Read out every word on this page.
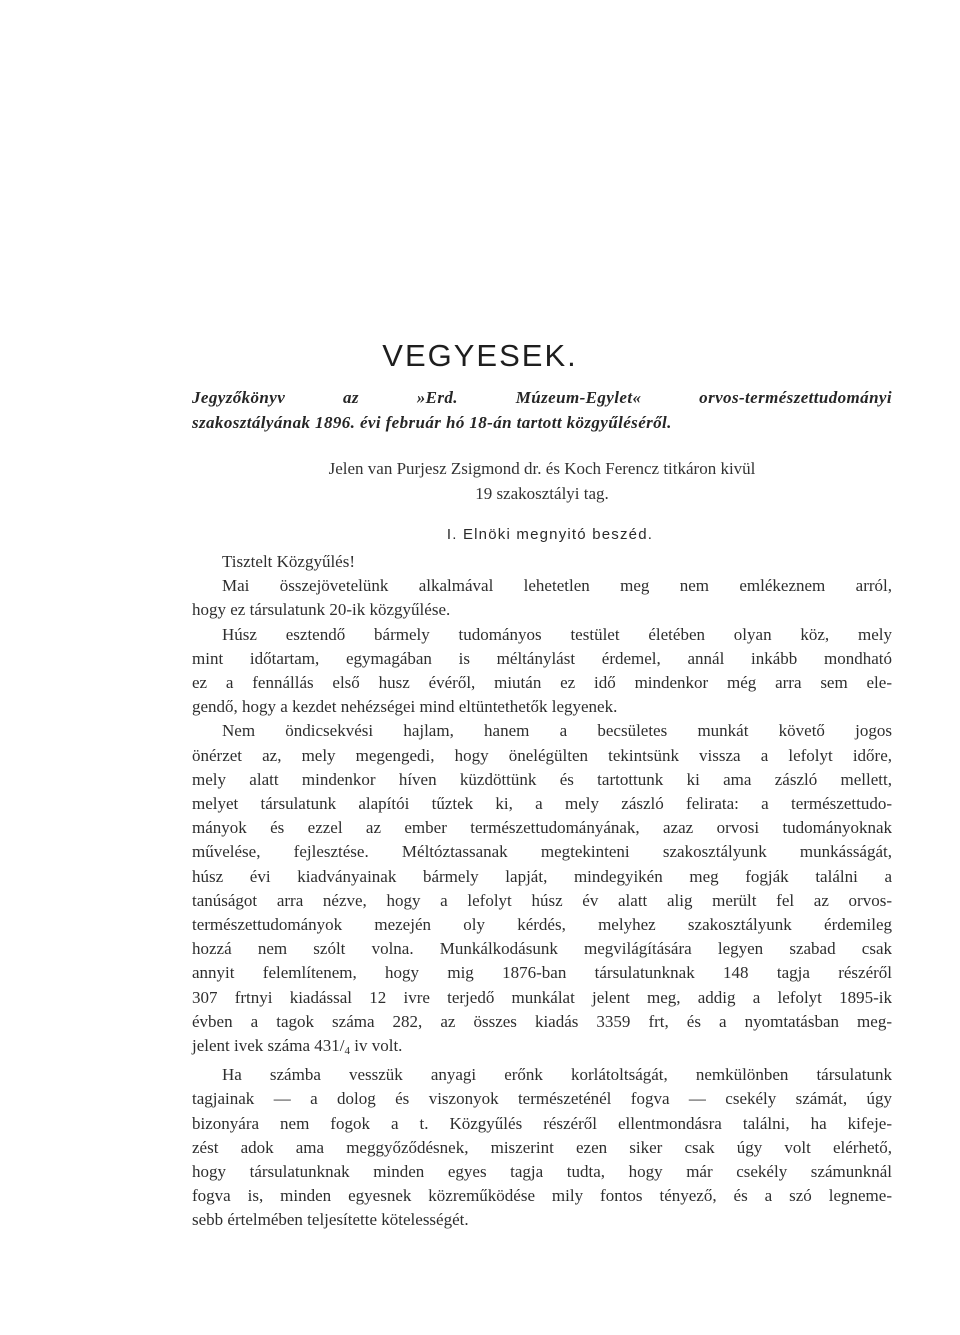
VEGYESEK.
Jegyzőkönyv az »Erd. Múzeum-Egylet« orvos-természettudományi
szakosztályának 1896. évi február hó 18-án tartott közgyűléséről.
Jelen van Purjesz Zsigmond dr. és Koch Ferencz titkáron kivül
19 szakosztályi tag.
I. Elnöki megnyitó beszéd.
Tisztelt Közgyűlés!
Mai összejövetelünk alkalmával lehetetlen meg nem emlékeznem arról,
hogy ez társulatunk 20-ik közgyűlése.
Húsz esztendő bármely tudományos testület életében olyan köz, mely
mint időtartam, egymagában is méltánylást érdemel, annál inkább mondható
ez a fennállás első husz évéről, miután ez idő mindenkor még arra sem ele-
gendő, hogy a kezdet nehézségei mind eltüntethetők legyenek.
Nem öndicsekvési hajlam, hanem a becsületes munkát követő jogos
önérzet az, mely megengedi, hogy önelégülten tekintsünk vissza a lefolyt időre,
mely alatt mindenkor híven küzdöttünk és tartottunk ki ama zászló mellett,
melyet társulatunk alapítói tűztek ki, a mely zászló felirata: a természettudo-
mányok és ezzel az ember természettudományának, azaz orvosi tudományoknak
művelése, fejlesztése. Méltóztassanak megtekinteni szakosztályunk munkásságát,
húsz évi kiadványainak bármely lapját, mindegyikén meg fogják találni a
tanúságot arra nézve, hogy a lefolyt húsz év alatt alig merült fel az orvos-
természettudományok mezején oly kérdés, melyhez szakosztályunk érdemileg
hozzá nem szólt volna. Munkálkodásunk megvilágítására legyen szabad csak
annyit felemlítenem, hogy mig 1876-ban társulatunknak 148 tagja részéről
307 frtnyi kiadással 12 ivre terjedő munkálat jelent meg, addig a lefolyt 1895-ik
évben a tagok száma 282, az összes kiadás 3359 frt, és a nyomtatásban meg-
jelent ivek száma $431/_4$ iv volt.
Ha számba vesszük anyagi erőnk korlátoltságát, nemkülönben társulatunk
tagjainak — a dolog és viszonyok természeténél fogva — csekély számát, úgy
bizonyára nem fogok a t. Közgyűlés részéről ellentmondásra találni, ha kifeje-
zést adok ama meggyőződésnek, miszerint ezen siker csak úgy volt elérhető,
hogy társulatunknak minden egyes tagja tudta, hogy már csekély számunknál
fogva is, minden egyesnek közreműködése mily fontos tényező, és a szó legneme-
sebb értelmében teljesítette kötelességét.
